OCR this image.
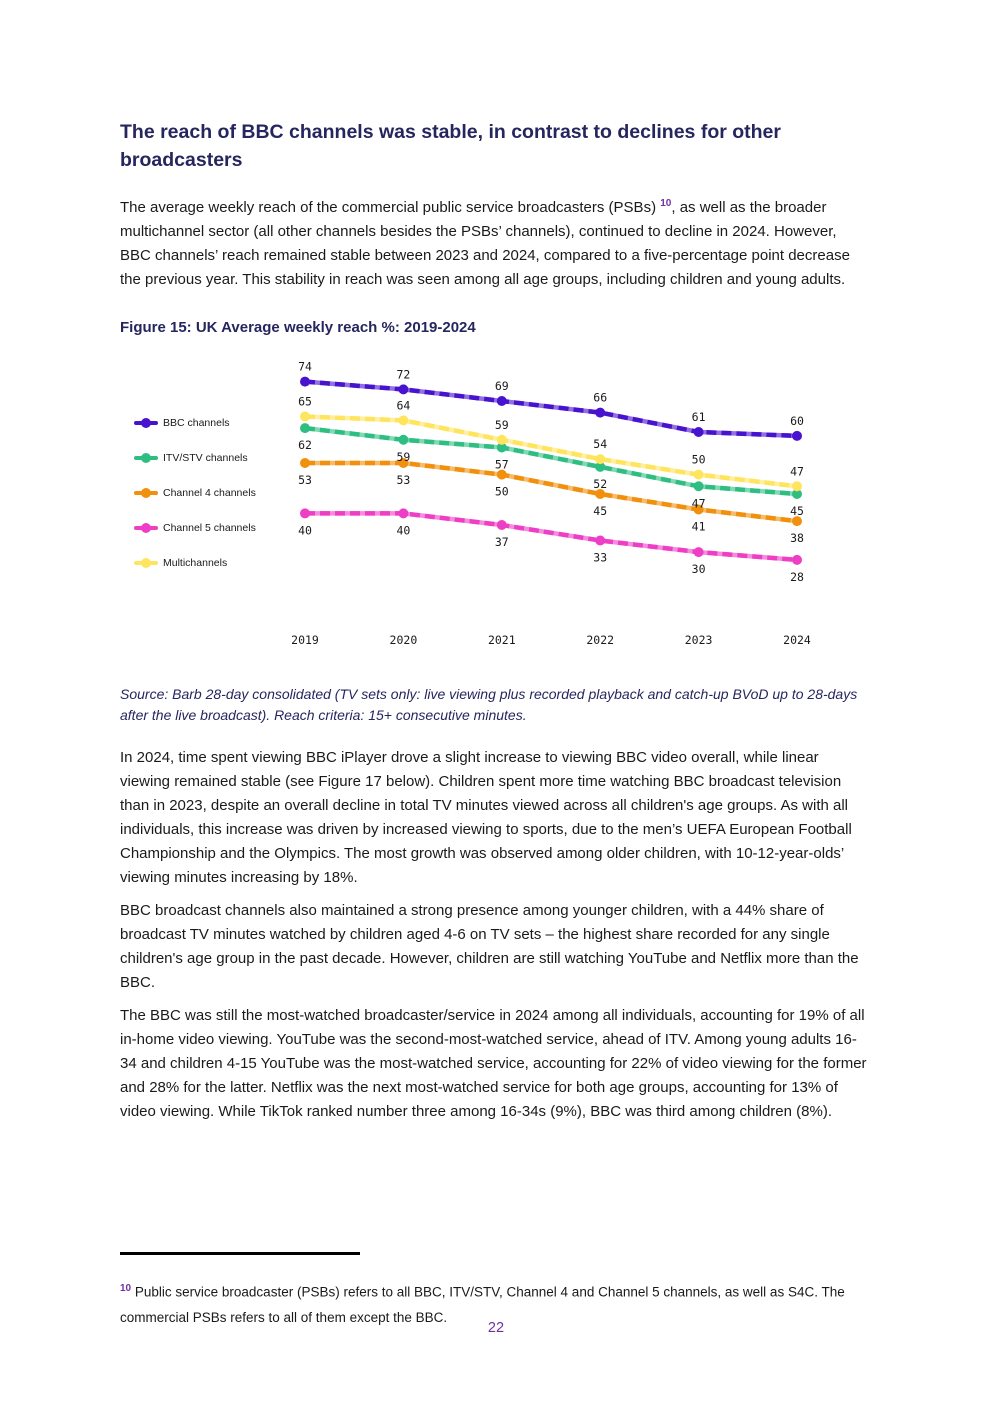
The reach of BBC channels was stable, in contrast to declines for other broadcasters

The average weekly reach of the commercial public service broadcasters (PSBs) $^{10}$, as well as the broader multichannel sector (all other channels besides the PSBs’ channels), continued to decline in 2024. However, BBC channels’ reach remained stable between 2023 and 2024, compared to a five-percentage point decrease the previous year. This stability in reach was seen among all age groups, including children and young adults.

Figure 15: UK Average weekly reach %: 2019-2024
BBC channels
ITV/STV channels
Channel 4 channels
Channel 5 channels
Multichannels
74
72
69
66
61	60
62
59
57
52
47
45
53	53
50
45
41
38
40	40
37
33
30
28
65	64
59
54
50
47
2019	2020	2021	2022	2023	2024

Source: Barb 28-day consolidated (TV sets only: live viewing plus recorded playback and catch-up BVoD up to 28-days after the live broadcast). Reach criteria: 15+ consecutive minutes.

In 2024, time spent viewing BBC iPlayer drove a slight increase to viewing BBC video overall, while linear viewing remained stable (see Figure 17 below). Children spent more time watching BBC broadcast television than in 2023, despite an overall decline in total TV minutes viewed across all children's age groups. As with all individuals, this increase was driven by increased viewing to sports, due to the men’s UEFA European Football Championship and the Olympics. The most growth was observed among older children, with 10-12-year-olds’ viewing minutes increasing by 18%.

BBC broadcast channels also maintained a strong presence among younger children, with a 44% share of broadcast TV minutes watched by children aged 4-6 on TV sets – the highest share recorded for any single children's age group in the past decade. However, children are still watching YouTube and Netflix more than the BBC.

The BBC was still the most-watched broadcaster/service in 2024 among all individuals, accounting for 19% of all in-home video viewing. YouTube was the second-most-watched service, ahead of ITV. Among young adults 16-34 and children 4-15 YouTube was the most-watched service, accounting for 22% of video viewing for the former and 28% for the latter. Netflix was the next most-watched service for both age groups, accounting for 13% of video viewing. While TikTok ranked number three among 16-34s (9%), BBC was third among children (8%).

$^{10}$ Public service broadcaster (PSBs) refers to all BBC, ITV/STV, Channel 4 and Channel 5 channels, as well as S4C. The commercial PSBs refers to all of them except the BBC.

22
